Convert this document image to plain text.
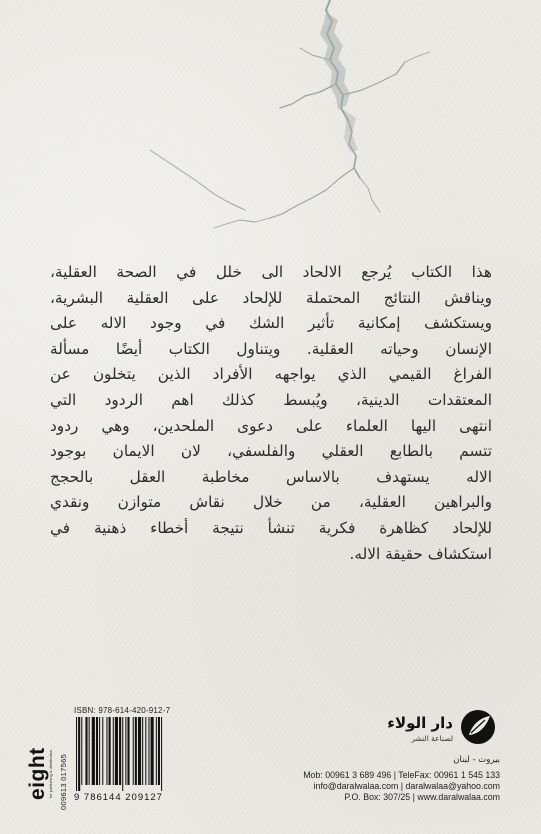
هذا الكتاب يُرجع الالحاد الى خلل في الصحة العقلية،
ويناقش النتائج المحتملة للإلحاد على العقلية البشرية،
ويستكشف إمكانية تأثير الشك في وجود الاله على
الإنسان وحياته العقلية. ويتناول الكتاب أيضًا مسألة
الفراغ القيمي الذي يواجهه الأفراد الذين يتخلون عن
المعتقدات الدينية، ويُبسط كذلك اهم الردود التي
انتهى اليها العلماء على دعوى الملحدين، وهي ردود
تتسم بالطابع العقلي والفلسفي، لان الايمان بوجود
الاله يستهدف بالاساس مخاطبة العقل بالحجج
والبراهين العقلية، من خلال نقاش متوازن ونقدي
للإلحاد كظاهرة فكرية تنشأ نتيجة أخطاء ذهنية في
استكشاف حقيقة الاله.
eight for publishing & distribution 009613 017565
ISBN: 978-614-420-912-7
9 786144 209127
دار الولاء
لصناعة النشر
بيروت - لبنان
Mob: 00961 3 689 496 | TeleFax: 00961 1 545 133
info@daralwalaa.com | daralwalaa@yahoo.com
P.O. Box: 307/25 | www.daralwalaa.com
